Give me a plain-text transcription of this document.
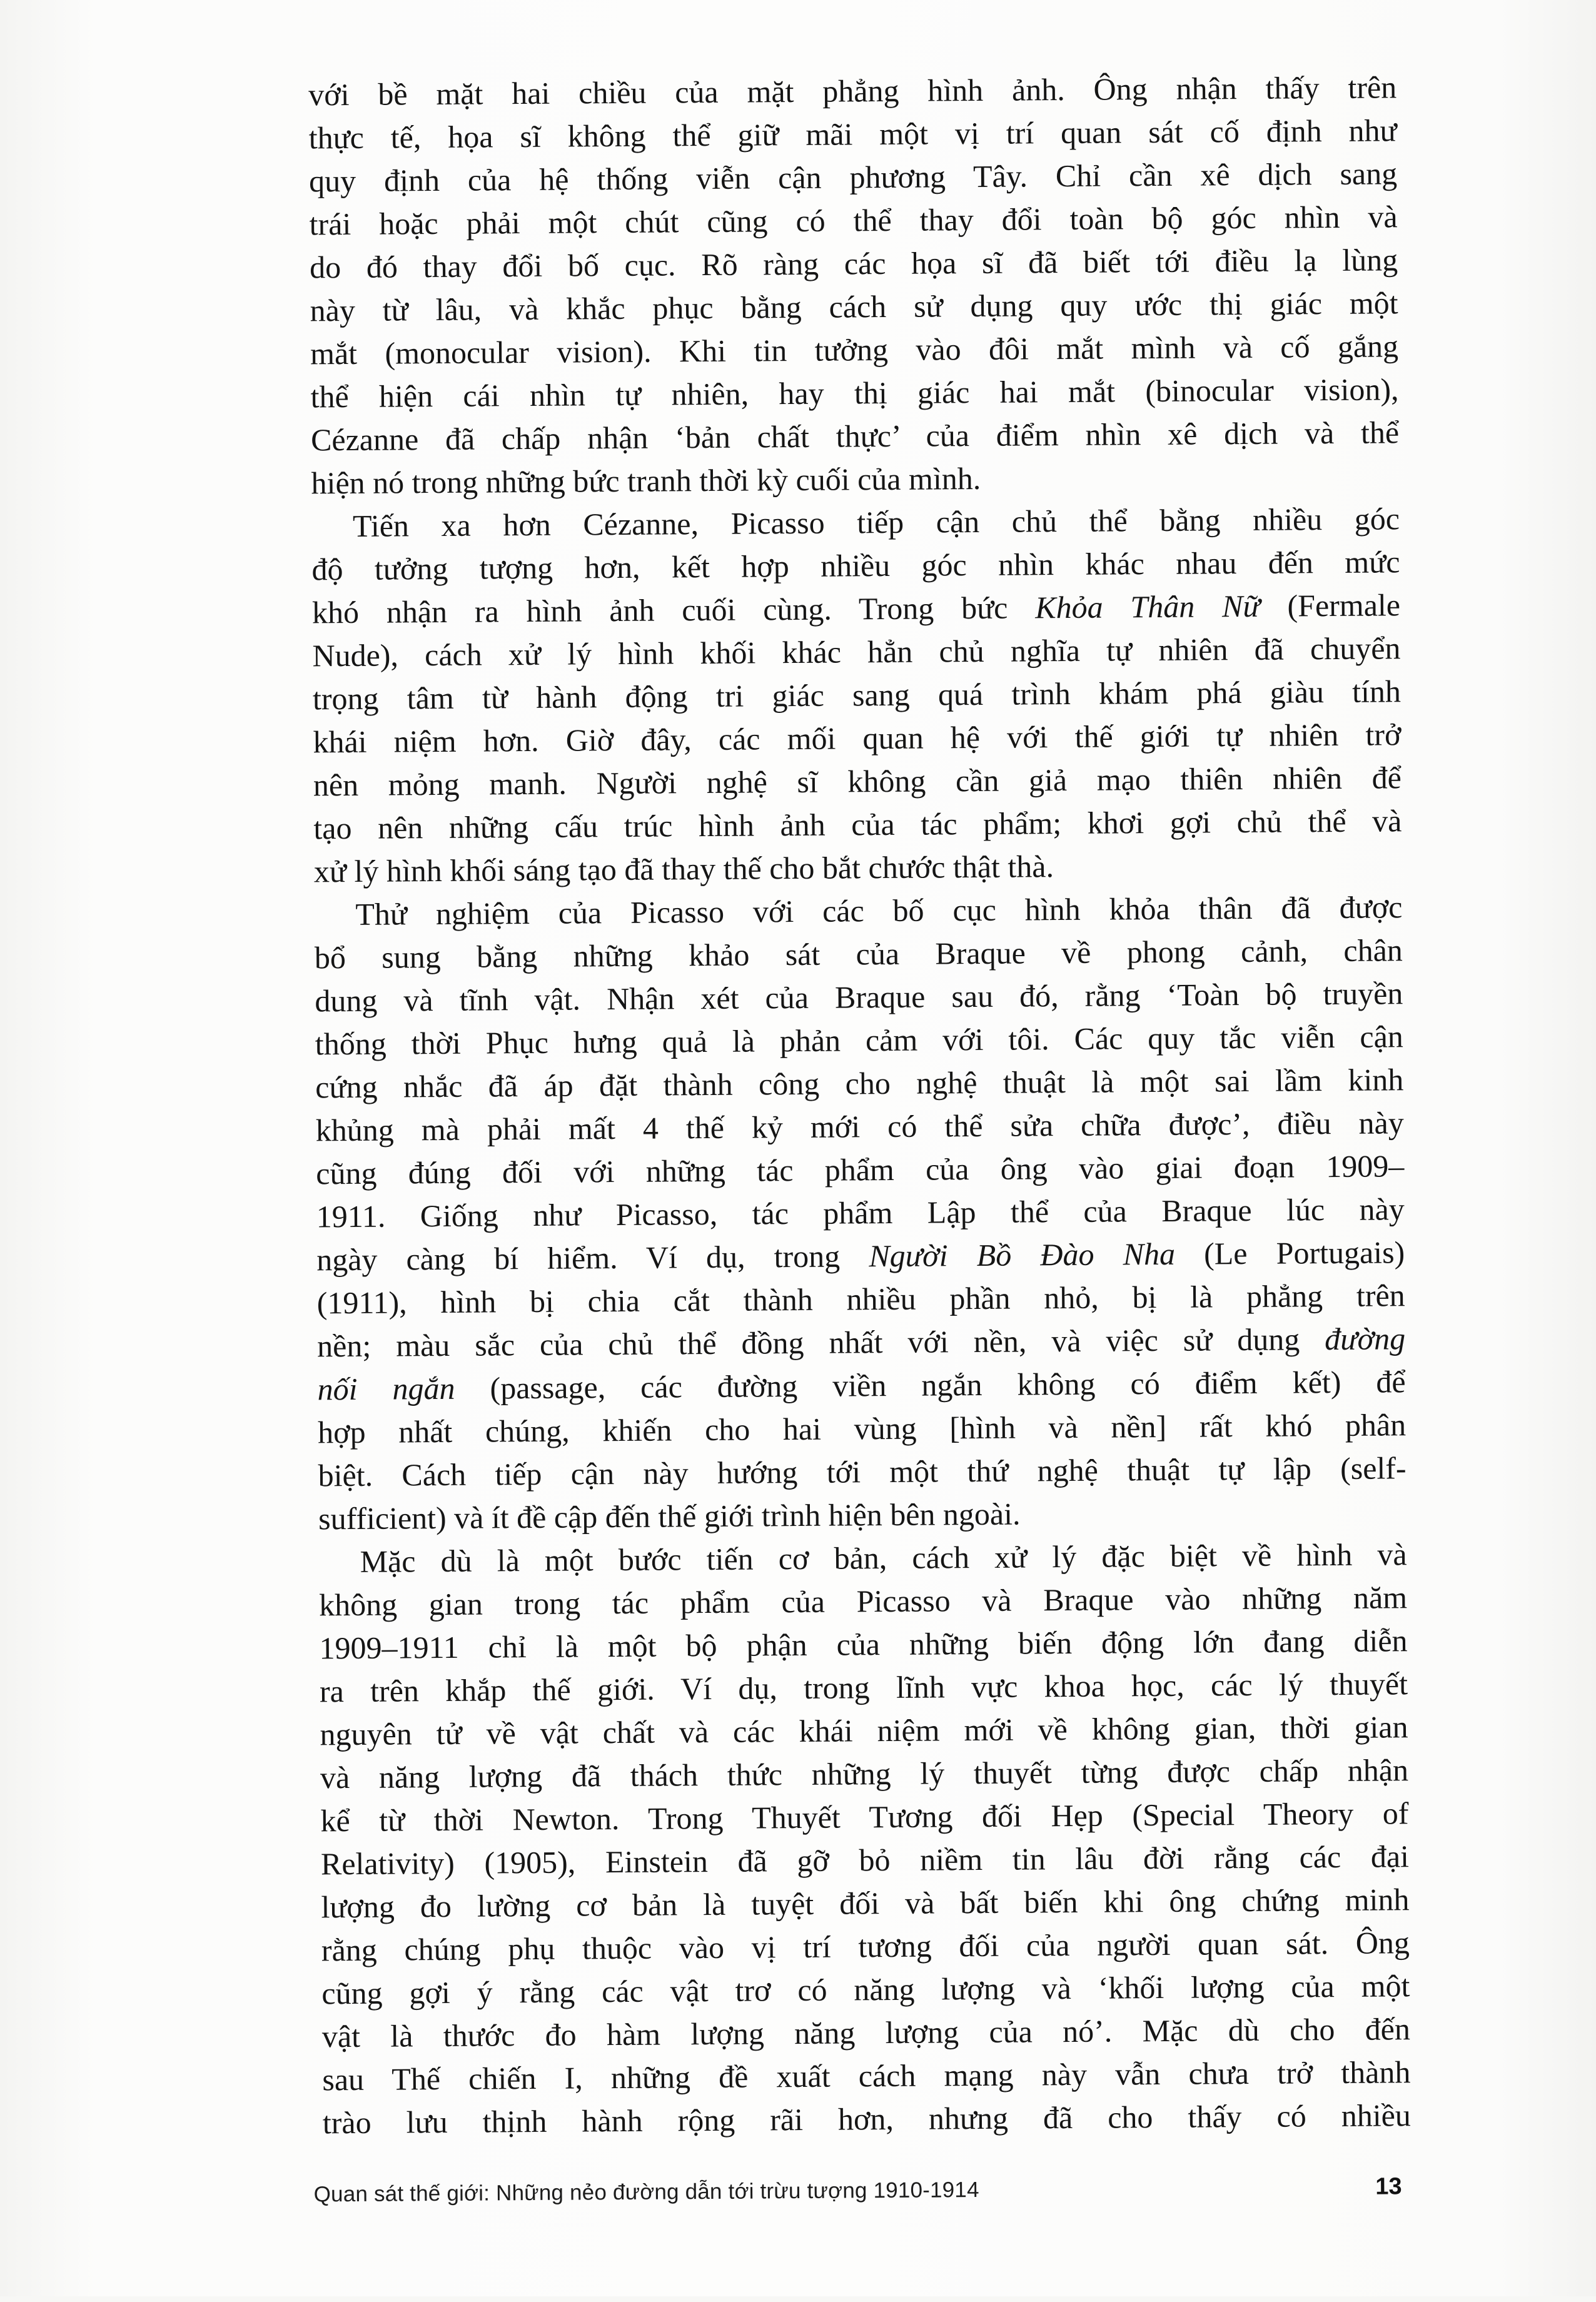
với bề mặt hai chiều của mặt phẳng hình ảnh. Ông nhận thấy trên
thực tế, họa sĩ không thể giữ mãi một vị trí quan sát cố định như
quy định của hệ thống viễn cận phương Tây. Chỉ cần xê dịch sang
trái hoặc phải một chút cũng có thể thay đổi toàn bộ góc nhìn và
do đó thay đổi bố cục. Rõ ràng các họa sĩ đã biết tới điều lạ lùng
này từ lâu, và khắc phục bằng cách sử dụng quy ước thị giác một
mắt (monocular vision). Khi tin tưởng vào đôi mắt mình và cố gắng
thể hiện cái nhìn tự nhiên, hay thị giác hai mắt (binocular vision),
Cézanne đã chấp nhận ‘bản chất thực’ của điểm nhìn xê dịch và thể
hiện nó trong những bức tranh thời kỳ cuối của mình.
Tiến xa hơn Cézanne, Picasso tiếp cận chủ thể bằng nhiều góc
độ tưởng tượng hơn, kết hợp nhiều góc nhìn khác nhau đến mức
khó nhận ra hình ảnh cuối cùng. Trong bức Khỏa Thân Nữ (Fermale
Nude), cách xử lý hình khối khác hẳn chủ nghĩa tự nhiên đã chuyển
trọng tâm từ hành động tri giác sang quá trình khám phá giàu tính
khái niệm hơn. Giờ đây, các mối quan hệ với thế giới tự nhiên trở
nên mỏng manh. Người nghệ sĩ không cần giả mạo thiên nhiên để
tạo nên những cấu trúc hình ảnh của tác phẩm; khơi gợi chủ thể và
xử lý hình khối sáng tạo đã thay thế cho bắt chước thật thà.
Thử nghiệm của Picasso với các bố cục hình khỏa thân đã được
bổ sung bằng những khảo sát của Braque về phong cảnh, chân
dung và tĩnh vật. Nhận xét của Braque sau đó, rằng ‘Toàn bộ truyền
thống thời Phục hưng quả là phản cảm với tôi. Các quy tắc viễn cận
cứng nhắc đã áp đặt thành công cho nghệ thuật là một sai lầm kinh
khủng mà phải mất 4 thế kỷ mới có thể sửa chữa được’, điều này
cũng đúng đối với những tác phẩm của ông vào giai đoạn 1909–
1911. Giống như Picasso, tác phẩm Lập thể của Braque lúc này
ngày càng bí hiểm. Ví dụ, trong Người Bồ Đào Nha (Le Portugais)
(1911), hình bị chia cắt thành nhiều phần nhỏ, bị là phẳng trên
nền; màu sắc của chủ thể đồng nhất với nền, và việc sử dụng đường
nối ngắn (passage, các đường viền ngắn không có điểm kết) để
hợp nhất chúng, khiến cho hai vùng [hình và nền] rất khó phân
biệt. Cách tiếp cận này hướng tới một thứ nghệ thuật tự lập (self-
sufficient) và ít đề cập đến thế giới trình hiện bên ngoài.
Mặc dù là một bước tiến cơ bản, cách xử lý đặc biệt về hình và
không gian trong tác phẩm của Picasso và Braque vào những năm
1909–1911 chỉ là một bộ phận của những biến động lớn đang diễn
ra trên khắp thế giới. Ví dụ, trong lĩnh vực khoa học, các lý thuyết
nguyên tử về vật chất và các khái niệm mới về không gian, thời gian
và năng lượng đã thách thức những lý thuyết từng được chấp nhận
kể từ thời Newton. Trong Thuyết Tương đối Hẹp (Special Theory of
Relativity) (1905), Einstein đã gỡ bỏ niềm tin lâu đời rằng các đại
lượng đo lường cơ bản là tuyệt đối và bất biến khi ông chứng minh
rằng chúng phụ thuộc vào vị trí tương đối của người quan sát. Ông
cũng gợi ý rằng các vật trơ có năng lượng và ‘khối lượng của một
vật là thước đo hàm lượng năng lượng của nó’. Mặc dù cho đến
sau Thế chiến I, những đề xuất cách mạng này vẫn chưa trở thành
trào lưu thịnh hành rộng rãi hơn, nhưng đã cho thấy có nhiều
Quan sát thế giới: Những nẻo đường dẫn tới trừu tượng 1910-1914	13
